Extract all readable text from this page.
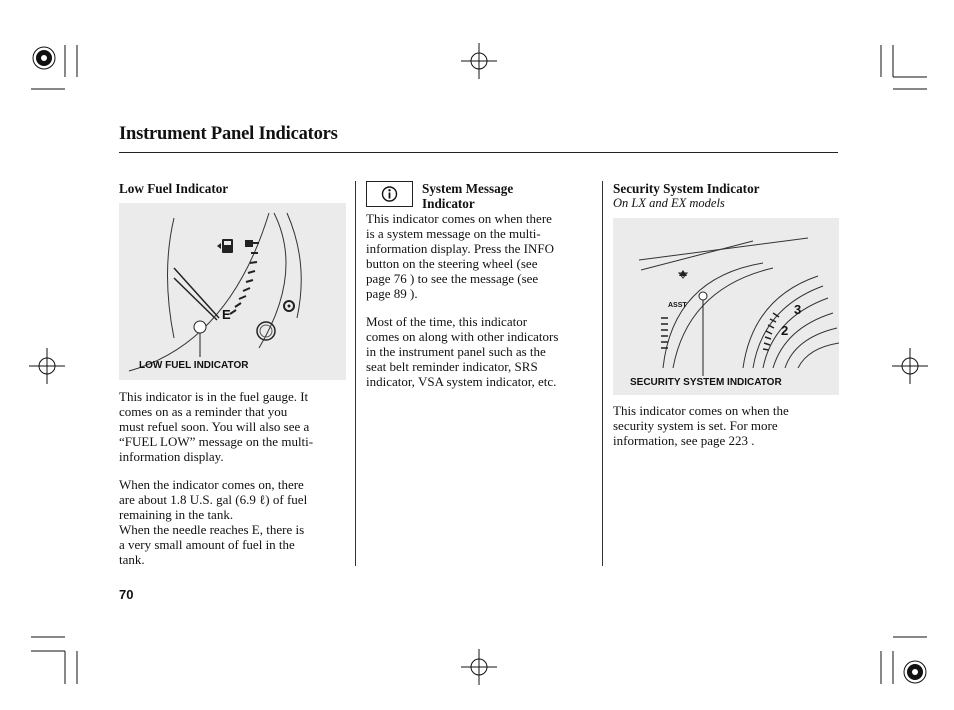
Instrument Panel Indicators
Low Fuel Indicator
E
LOW FUEL INDICATOR

This indicator is in the fuel gauge. It
comes on as a reminder that you
must refuel soon. You will also see a
“FUEL LOW” message on the multi-
information display.

When the indicator comes on, there
are about 1.8 U.S. gal (6.9 ℓ) of fuel
remaining in the tank.
When the needle reaches E, there is
a very small amount of fuel in the
tank.

System Message
Indicator

This indicator comes on when there
is a system message on the multi-
information display. Press the INFO
button on the steering wheel (see
page 76 ) to see the message (see
page 89 ).

Most of the time, this indicator
comes on along with other indicators
in the instrument panel such as the
seat belt reminder indicator, SRS
indicator, VSA system indicator, etc.

Security System Indicator
On LX and EX models
ASST	3
2
SECURITY SYSTEM INDICATOR

This indicator comes on when the
security system is set. For more
information, see page 223 .

70
